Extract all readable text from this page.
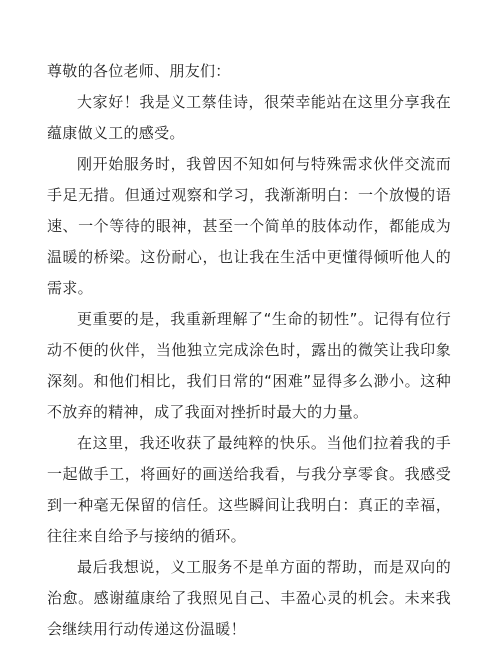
尊敬的各位老师、朋友们：

大家好！我是义工蔡佳诗，很荣幸能站在这里分享我在蕴康做义工的感受。

刚开始服务时，我曾因不知如何与特殊需求伙伴交流而手足无措。但通过观察和学习，我渐渐明白：一个放慢的语速、一个等待的眼神，甚至一个简单的肢体动作，都能成为温暖的桥梁。这份耐心，也让我在生活中更懂得倾听他人的需求。

更重要的是，我重新理解了“生命的韧性”。记得有位行动不便的伙伴，当他独立完成涂色时，露出的微笑让我印象深刻。和他们相比，我们日常的“困难”显得多么渺小。这种不放弃的精神，成了我面对挫折时最大的力量。

在这里，我还收获了最纯粹的快乐。当他们拉着我的手一起做手工，将画好的画送给我看，与我分享零食。我感受到一种毫无保留的信任。这些瞬间让我明白：真正的幸福，往往来自给予与接纳的循环。

最后我想说，义工服务不是单方面的帮助，而是双向的治愈。感谢蕴康给了我照见自己、丰盈心灵的机会。未来我会继续用行动传递这份温暖！
